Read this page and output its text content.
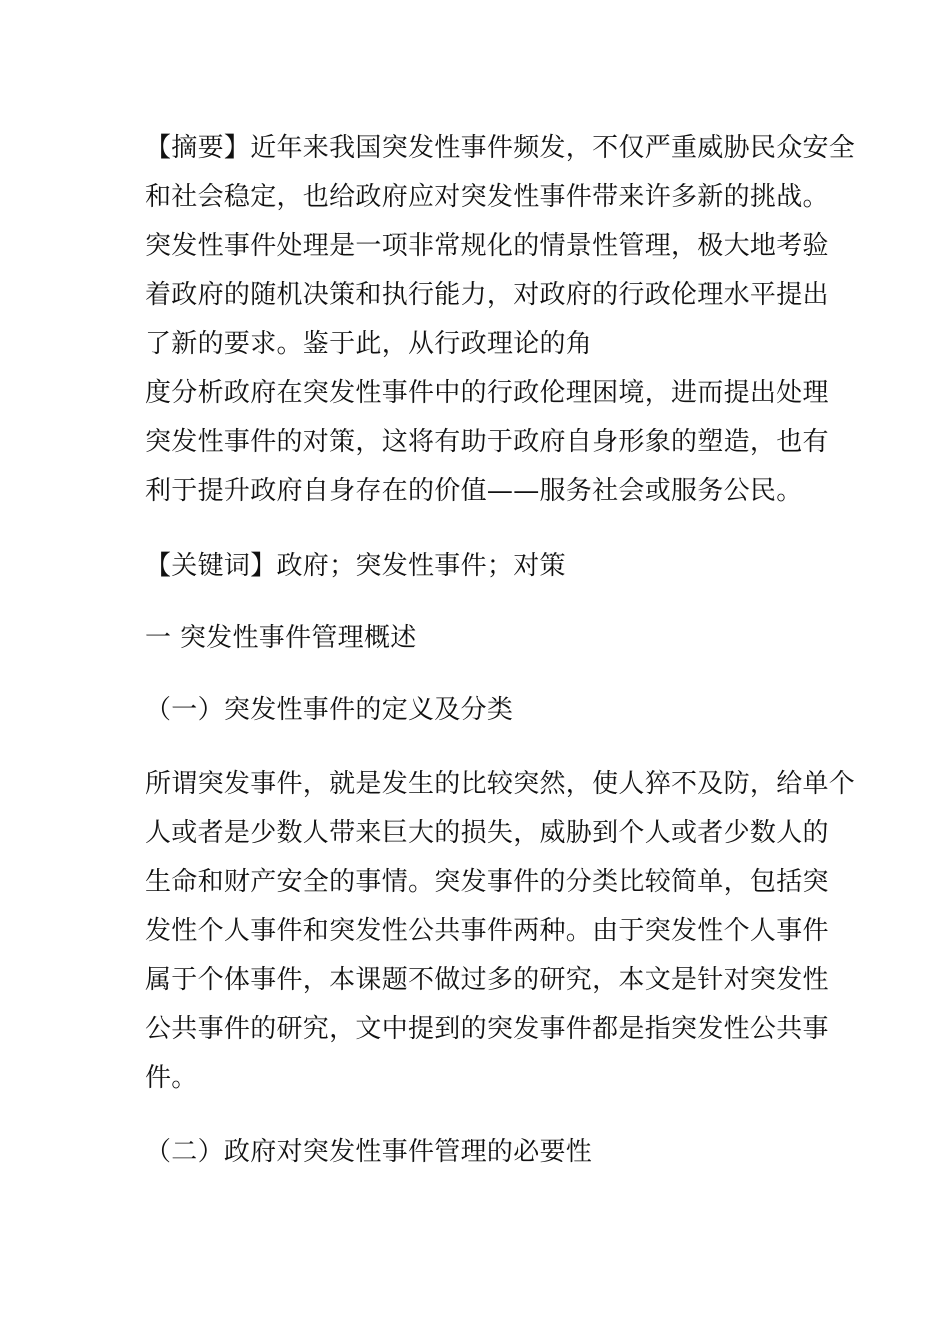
【摘要】近年来我国突发性事件频发，不仅严重威胁民众安全
和社会稳定，也给政府应对突发性事件带来许多新的挑战。
突发性事件处理是一项非常规化的情景性管理，极大地考验
着政府的随机决策和执行能力，对政府的行政伦理水平提出
了新的要求。鉴于此，从行政理论的角
度分析政府在突发性事件中的行政伦理困境，进而提出处理
突发性事件的对策，这将有助于政府自身形象的塑造，也有
利于提升政府自身存在的价值——服务社会或服务公民。
【关键词】政府；突发性事件；对策
一 突发性事件管理概述
（一）突发性事件的定义及分类
所谓突发事件，就是发生的比较突然，使人猝不及防，给单个
人或者是少数人带来巨大的损失，威胁到个人或者少数人的
生命和财产安全的事情。突发事件的分类比较简单，包括突
发性个人事件和突发性公共事件两种。由于突发性个人事件
属于个体事件，本课题不做过多的研究，本文是针对突发性
公共事件的研究，文中提到的突发事件都是指突发性公共事
件。
（二）政府对突发性事件管理的必要性
